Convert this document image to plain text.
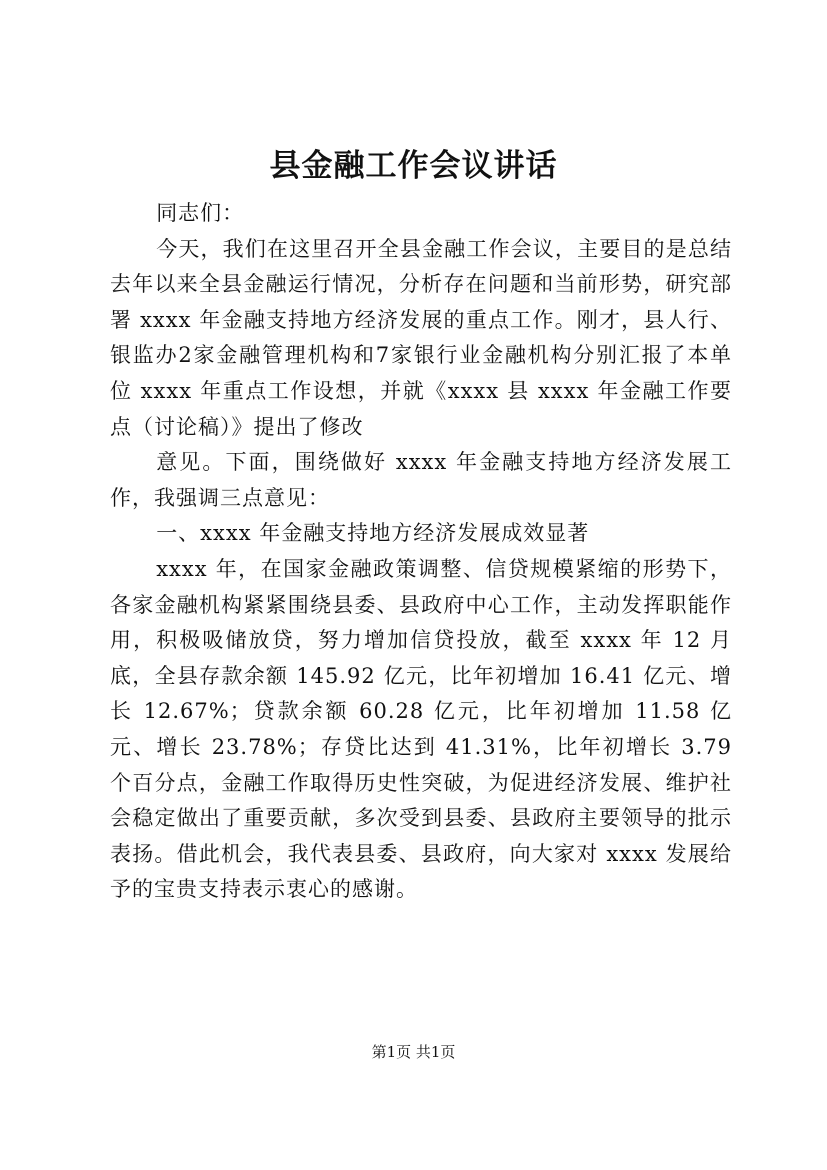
县金融工作会议讲话

同志们：

今天，我们在这里召开全县金融工作会议，主要目的是总结去年以来全县金融运行情况，分析存在问题和当前形势，研究部署 xxxx 年金融支持地方经济发展的重点工作。刚才，县人行、银监办2家金融管理机构和7家银行业金融机构分别汇报了本单位 xxxx 年重点工作设想，并就《xxxx 县 xxxx 年金融工作要点（讨论稿）》提出了修改

意见。下面，围绕做好 xxxx 年金融支持地方经济发展工作，我强调三点意见：

一、xxxx 年金融支持地方经济发展成效显著

xxxx 年，在国家金融政策调整、信贷规模紧缩的形势下，各家金融机构紧紧围绕县委、县政府中心工作，主动发挥职能作用，积极吸储放贷，努力增加信贷投放，截至 xxxx 年 12 月底，全县存款余额 145.92 亿元，比年初增加 16.41 亿元、增长 12.67%；贷款余额 60.28 亿元，比年初增加 11.58 亿元、增长 23.78%；存贷比达到 41.31%，比年初增长 3.79 个百分点，金融工作取得历史性突破，为促进经济发展、维护社会稳定做出了重要贡献，多次受到县委、县政府主要领导的批示表扬。借此机会，我代表县委、县政府，向大家对 xxxx 发展给予的宝贵支持表示衷心的感谢。

第1页 共1页
